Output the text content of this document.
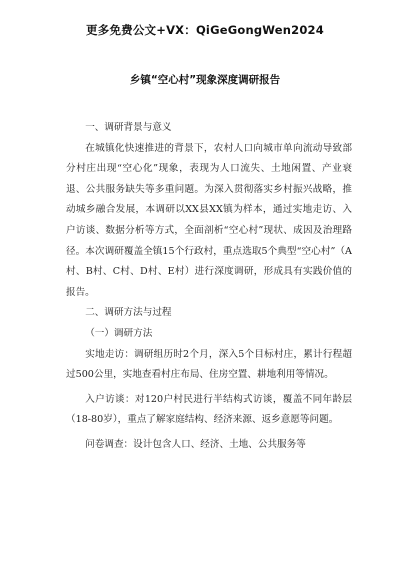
更多免费公文+VX：QiGeGongWen2024
乡镇“空心村”现象深度调研报告

一、调研背景与意义

在城镇化快速推进的背景下，农村人口向城市单向流动导致部分村庄出现“空心化”现象，表现为人口流失、土地闲置、产业衰退、公共服务缺失等多重问题。为深入贯彻落实乡村振兴战略，推动城乡融合发展，本调研以XX县XX镇为样本，通过实地走访、入户访谈、数据分析等方式，全面剖析“空心村”现状、成因及治理路径。本次调研覆盖全镇15个行政村，重点选取5个典型“空心村”（A村、B村、C村、D村、E村）进行深度调研，形成具有实践价值的报告。

二、调研方法与过程

（一）调研方法

实地走访：调研组历时2个月，深入5个目标村庄，累计行程超过500公里，实地查看村庄布局、住房空置、耕地利用等情况。

入户访谈：对120户村民进行半结构式访谈，覆盖不同年龄层（18-80岁），重点了解家庭结构、经济来源、返乡意愿等问题。

问卷调查：设计包含人口、经济、土地、公共服务等
